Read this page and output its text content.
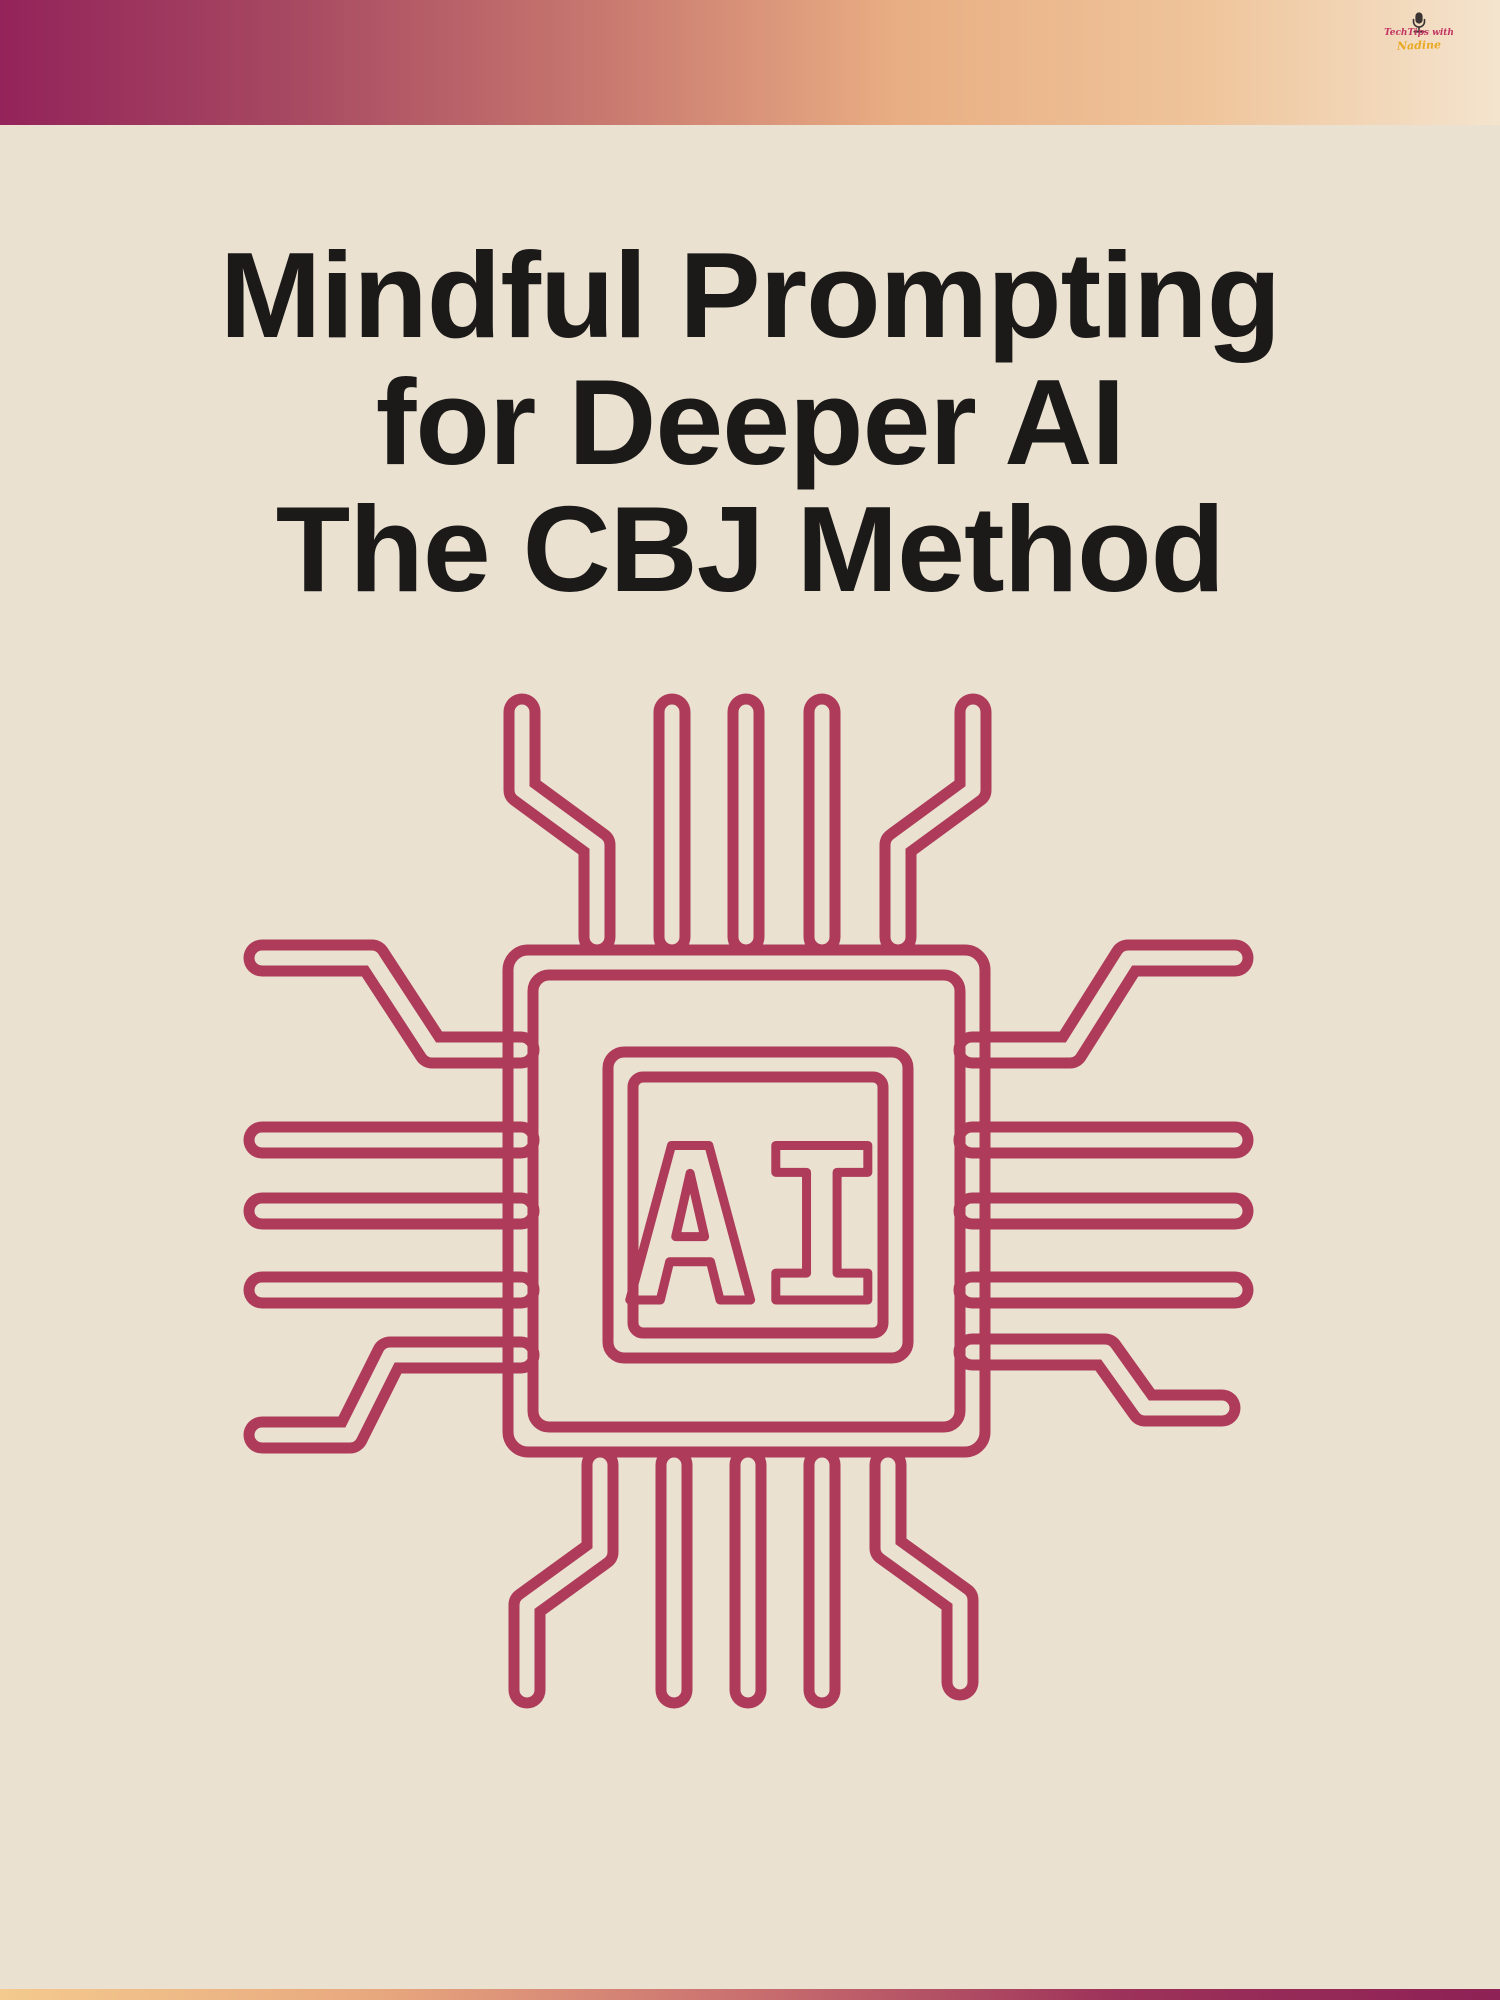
TechTips with
Nadine
Mindful Prompting
for Deeper AI
The CBJ Method
AI
